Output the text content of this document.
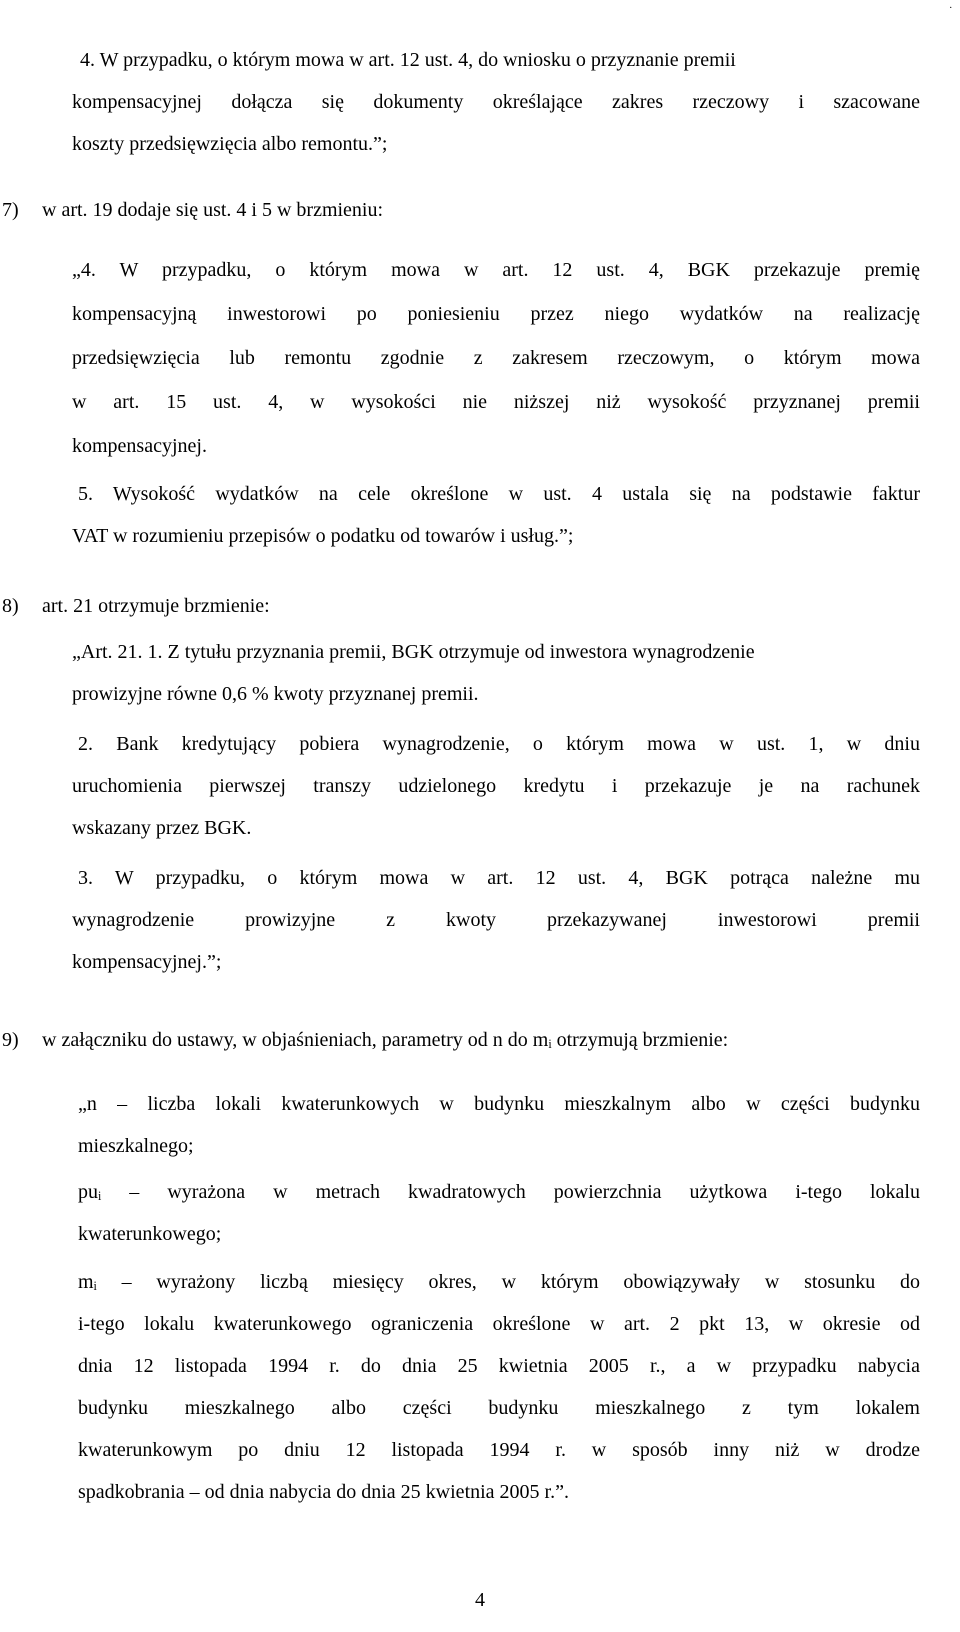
.

4. W przypadku, o którym mowa w art. 12 ust. 4, do wniosku o przyznanie premii

kompensacyjnej dołącza się dokumenty określające zakres rzeczowy i szacowane

koszty przedsięwzięcia albo remontu.”;

7) w art. 19 dodaje się ust. 4 i 5 w brzmieniu:

„4. W przypadku, o którym mowa w art. 12 ust. 4, BGK przekazuje premię

kompensacyjną inwestorowi po poniesieniu przez niego wydatków na realizację

przedsięwzięcia lub remontu zgodnie z zakresem rzeczowym, o którym mowa

w art. 15 ust. 4, w wysokości nie niższej niż wysokość przyznanej premii

kompensacyjnej.

5. Wysokość wydatków na cele określone w ust. 4 ustala się na podstawie faktur

VAT w rozumieniu przepisów o podatku od towarów i usług.”;

8) art. 21 otrzymuje brzmienie:

„Art. 21. 1. Z tytułu przyznania premii, BGK otrzymuje od inwestora wynagrodzenie

prowizyjne równe 0,6 % kwoty przyznanej premii.

2. Bank kredytujący pobiera wynagrodzenie, o którym mowa w ust. 1, w dniu

uruchomienia pierwszej transzy udzielonego kredytu i przekazuje je na rachunek

wskazany przez BGK.

3. W przypadku, o którym mowa w art. 12 ust. 4, BGK potrąca należne mu

wynagrodzenie prowizyjne z kwoty przekazywanej inwestorowi premii

kompensacyjnej.”;

9) w załączniku do ustawy, w objaśnieniach, parametry od n do mᵢ otrzymują brzmienie:

„n – liczba lokali kwaterunkowych w budynku mieszkalnym albo w części budynku

mieszkalnego;

puᵢ – wyrażona w metrach kwadratowych powierzchnia użytkowa i-tego lokalu

kwaterunkowego;

mᵢ – wyrażony liczbą miesięcy okres, w którym obowiązywały w stosunku do

i-tego lokalu kwaterunkowego ograniczenia określone w art. 2 pkt 13, w okresie od

dnia 12 listopada 1994 r. do dnia 25 kwietnia 2005 r., a w przypadku nabycia

budynku mieszkalnego albo części budynku mieszkalnego z tym lokalem

kwaterunkowym po dniu 12 listopada 1994 r. w sposób inny niż w drodze

spadkobrania – od dnia nabycia do dnia 25 kwietnia 2005 r.”.

4
